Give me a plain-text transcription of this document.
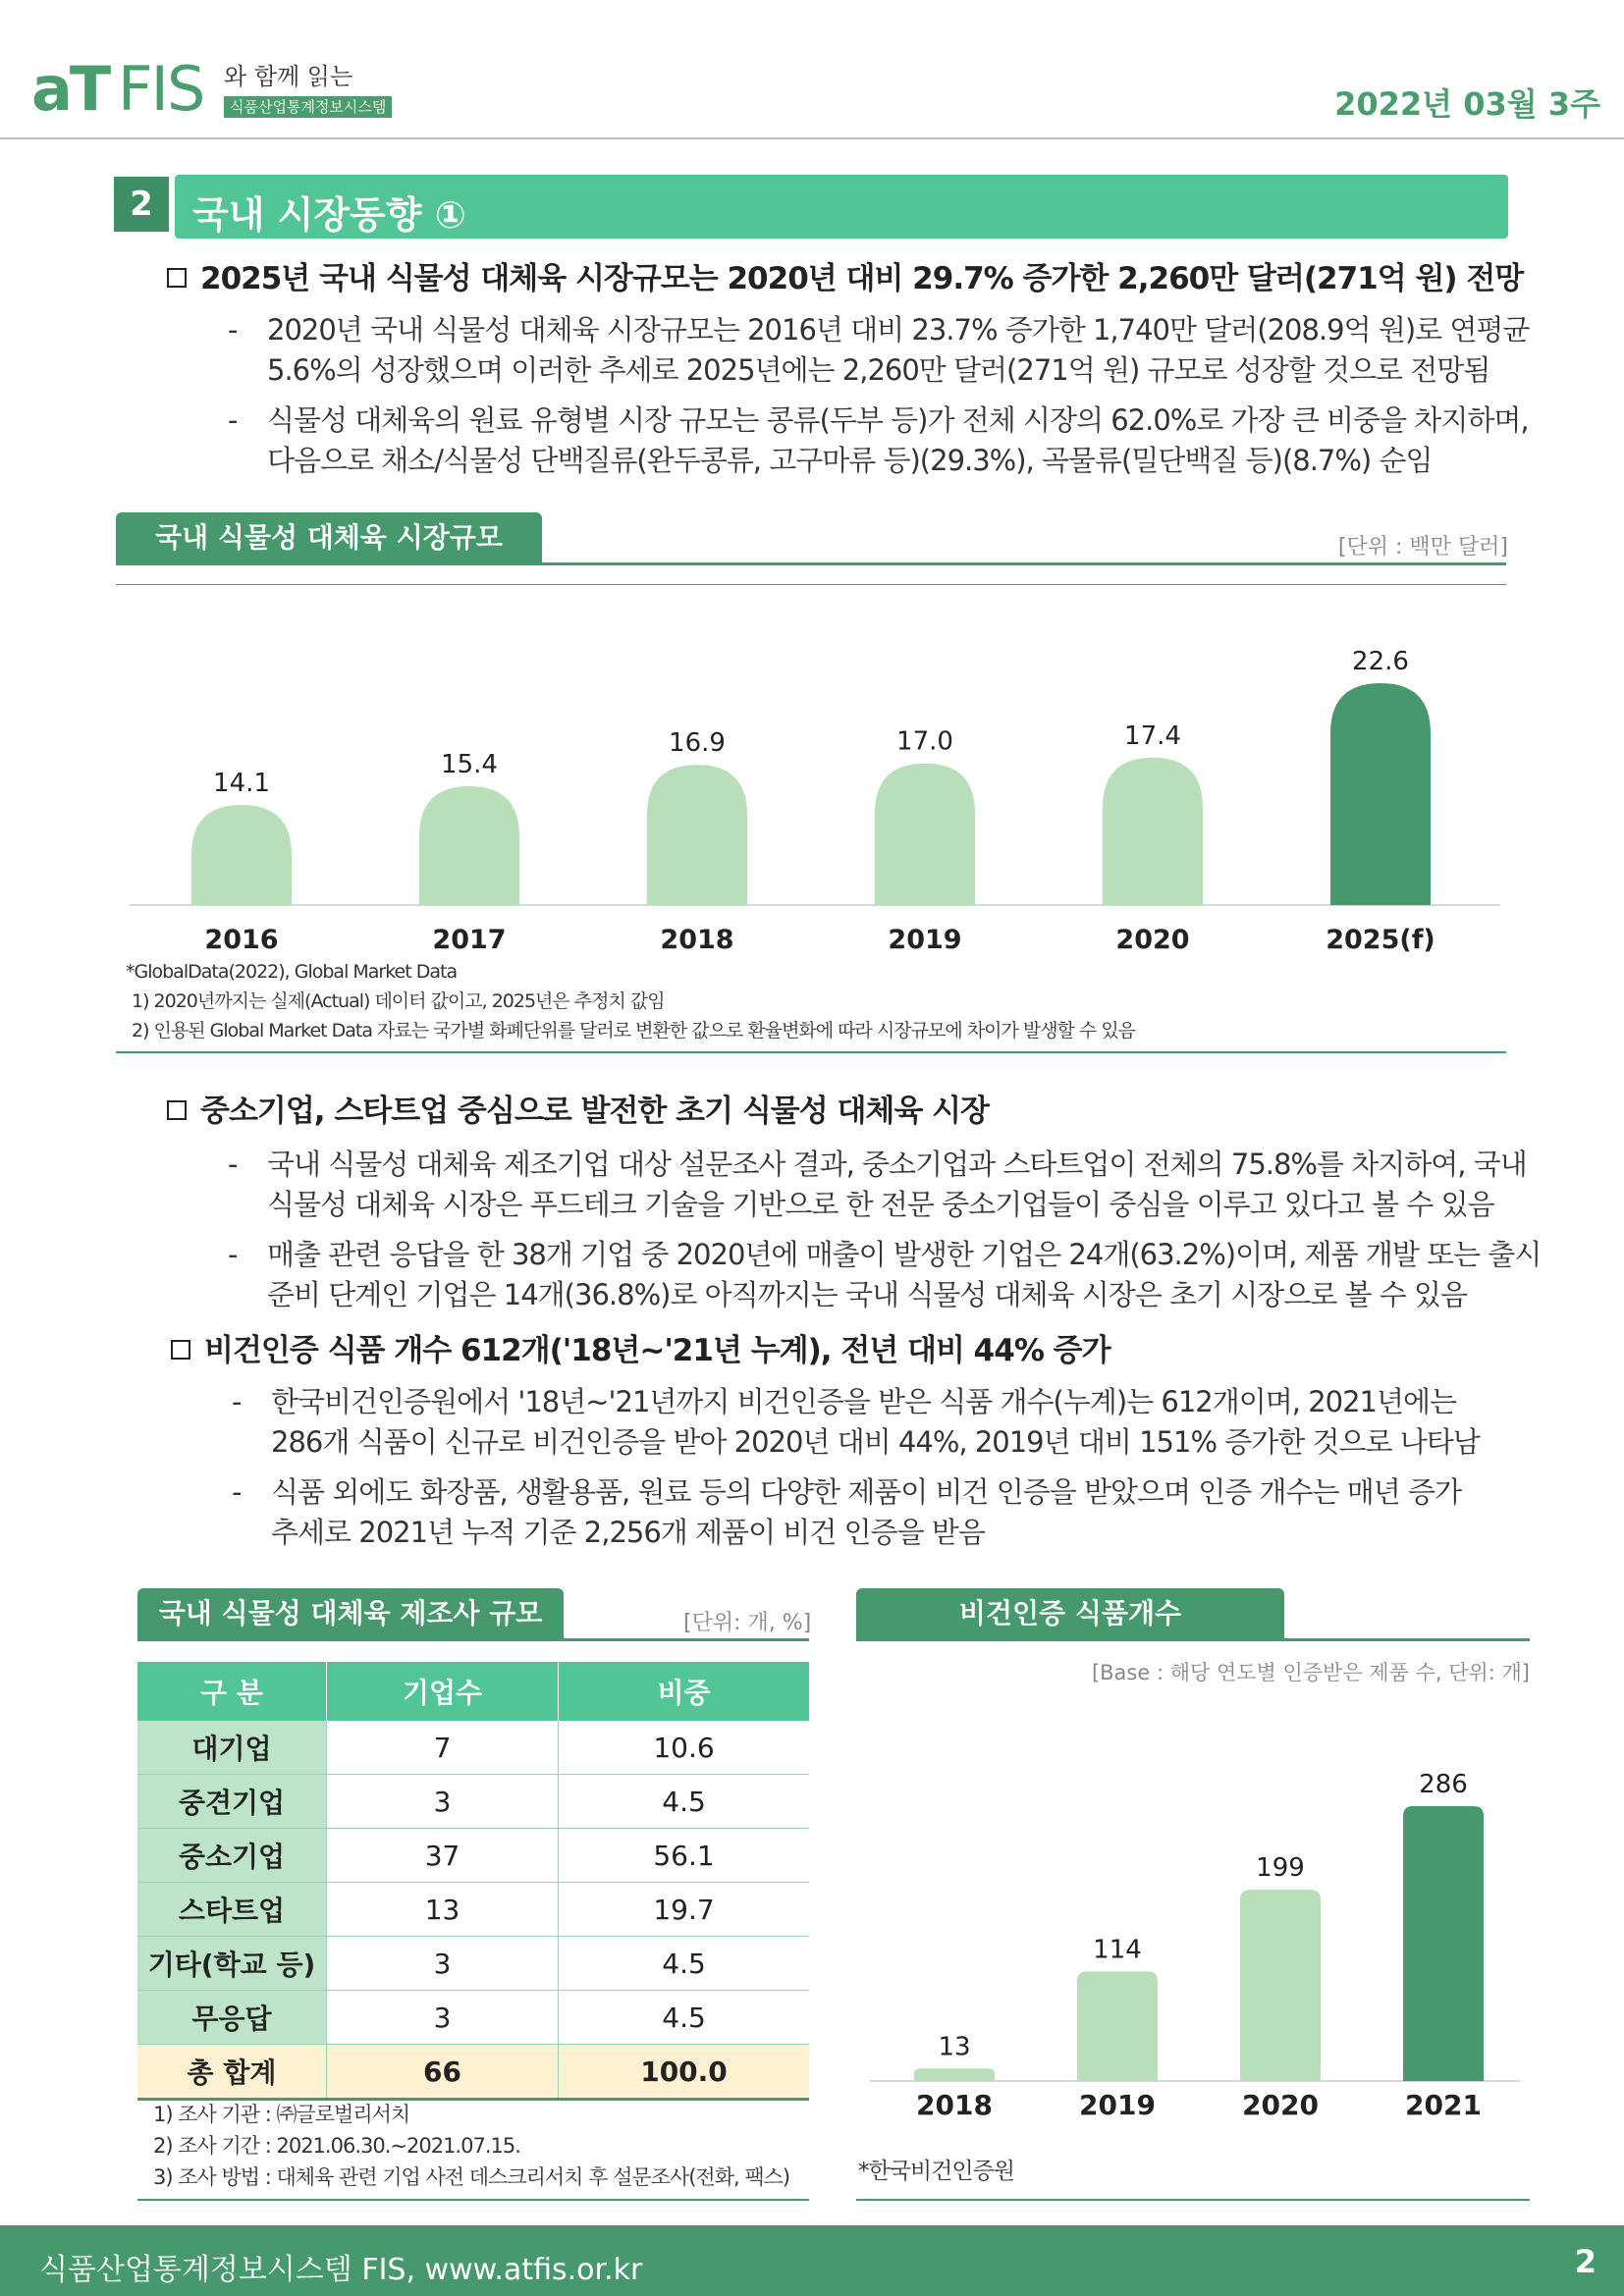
aT FIS 와 함께 읽는
식품산업통계정보시스템	2022년 03월 3주
2	국내 시장동향 ①
2025년 국내 식물성 대체육 시장규모는 2020년 대비 29.7% 증가한 2,260만 달러(271억 원) 전망
- 2020년 국내 식물성 대체육 시장규모는 2016년 대비 23.7% 증가한 1,740만 달러(208.9억 원)로 연평균
5.6%의 성장했으며 이러한 추세로 2025년에는 2,260만 달러(271억 원) 규모로 성장할 것으로 전망됨
- 식물성 대체육의 원료 유형별 시장 규모는 콩류(두부 등)가 전체 시장의 62.0%로 가장 큰 비중을 차지하며,
다음으로 채소/식물성 단백질류(완두콩류, 고구마류 등)(29.3%), 곡물류(밀단백질 등)(8.7%) 순임
국내 식물성 대체육 시장규모	[단위 : 백만 달러]
14.1
2016
15.4
2017
16.9
2018
17.0
2019
17.4
2020
22.6
2025(f)
*GlobalData(2022), Global Market Data
1) 2020년까지는 실제(Actual) 데이터 값이고, 2025년은 추정치 값임
2) 인용된 Global Market Data 자료는 국가별 화폐단위를 달러로 변환한 값으로 환율변화에 따라 시장규모에 차이가 발생할 수 있음
중소기업, 스타트업 중심으로 발전한 초기 식물성 대체육 시장
- 국내 식물성 대체육 제조기업 대상 설문조사 결과, 중소기업과 스타트업이 전체의 75.8%를 차지하여, 국내
식물성 대체육 시장은 푸드테크 기술을 기반으로 한 전문 중소기업들이 중심을 이루고 있다고 볼 수 있음
- 매출 관련 응답을 한 38개 기업 중 2020년에 매출이 발생한 기업은 24개(63.2%)이며, 제품 개발 또는 출시
준비 단계인 기업은 14개(36.8%)로 아직까지는 국내 식물성 대체육 시장은 초기 시장으로 볼 수 있음
비건인증 식품 개수 612개('18년~'21년 누계), 전년 대비 44% 증가
- 한국비건인증원에서 '18년~'21년까지 비건인증을 받은 식품 개수(누계)는 612개이며, 2021년에는
286개 식품이 신규로 비건인증을 받아 2020년 대비 44%, 2019년 대비 151% 증가한 것으로 나타남
- 식품 외에도 화장품, 생활용품, 원료 등의 다양한 제품이 비건 인증을 받았으며 인증 개수는 매년 증가
추세로 2021년 누적 기준 2,256개 제품이 비건 인증을 받음
국내 식물성 대체육 제조사 규모	[단위: 개, %]
구 분	기업수	비중
대기업	7	10.6
중견기업	3	4.5
중소기업	37	56.1
스타트업	13	19.7
기타(학교 등)	3	4.5
무응답	3	4.5
총 합계	66	100.0
1) 조사 기관 : ㈜글로벌리서치
2) 조사 기간 : 2021.06.30.~2021.07.15.
3) 조사 방법 : 대체육 관련 기업 사전 데스크리서치 후 설문조사(전화, 팩스)
비건인증 식품개수
[Base : 해당 연도별 인증받은 제품 수, 단위: 개]
13
2018
114
2019
199
2020
286
2021
*한국비건인증원
식품산업통계정보시스템 FIS, www.atfis.or.kr	2
